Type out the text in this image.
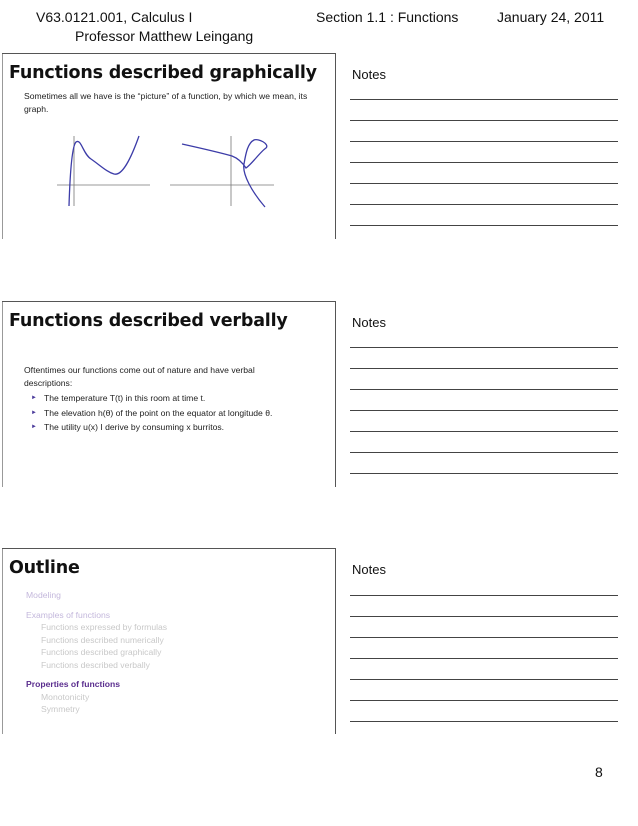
V63.0121.001, Calculus I
Professor Matthew Leingang
Section 1.1 : Functions	January 24, 2011
Functions described graphically
Sometimes all we have is the “picture” of a function, by which we mean, its graph.
Notes
Functions described verbally
Oftentimes our functions come out of nature and have verbal descriptions:
► The temperature T(t) in this room at time t.
► The elevation h(θ) of the point on the equator at longitude θ.
► The utility u(x) I derive by consuming x burritos.
Notes
Outline
Modeling
Examples of functions
Functions expressed by formulas
Functions described numerically
Functions described graphically
Functions described verbally
Properties of functions
Monotonicity
Symmetry
Notes
8
